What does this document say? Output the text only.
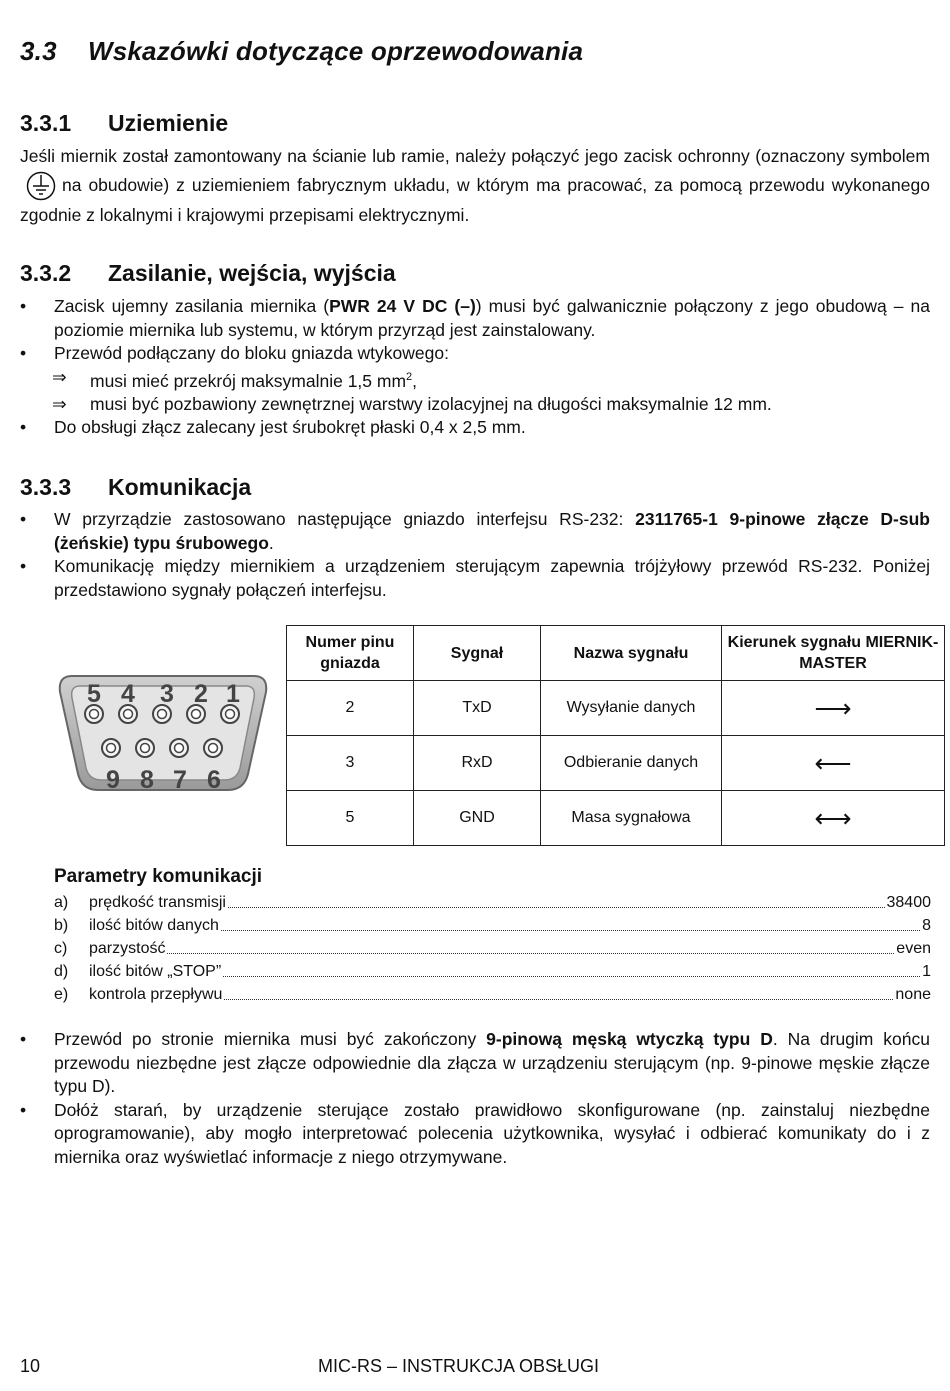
3.3 Wskazówki dotyczące oprzewodowania
3.3.1 Uziemienie
Jeśli miernik został zamontowany na ścianie lub ramie, należy połączyć jego zacisk ochronny (oznaczony symbolemna obudowie) z uziemieniem fabrycznym układu, w którym ma pracować, za pomocą przewodu wykonanego zgodnie z lokalnymi i krajowymi przepisami elektrycznymi.
3.3.2 Zasilanie, wejścia, wyjścia
• Zacisk ujemny zasilania miernika (PWR 24 V DC (–)) musi być galwanicznie połączony z jego obudową – na poziomie miernika lub systemu, w którym przyrząd jest zainstalowany.
• Przewód podłączany do bloku gniazda wtykowego:
⇒ musi mieć przekrój maksymalnie 1,5 $mm^2$,
⇒ musi być pozbawiony zewnętrznej warstwy izolacyjnej na długości maksymalnie 12 mm.
• Do obsługi złącz zalecany jest śrubokręt płaski 0,4 x 2,5 mm.
3.3.3 Komunikacja
• W przyrządzie zastosowano następujące gniazdo interfejsu RS-232: 2311765-1 9-pinowe złącze D-sub (żeńskie) typu śrubowego.
• Komunikację między miernikiem a urządzeniem sterującym zapewnia trójżyłowy przewód RS-232. Poniżej przedstawiono sygnały połączeń interfejsu.
5 4 3 2 1
9 8 7 6
Numer pinu gniazda	Sygnał	Nazwa sygnału	Kierunek sygnału MIERNIK-MASTER
2	TxD	Wysyłanie danych	⟶
3	RxD	Odbieranie danych	⟵
5	GND	Masa sygnałowa	⟷
Parametry komunikacji
a)	prędkość transmisji	38400
b)	ilość bitów danych	8
c)	parzystość	even
d)	ilość bitów „STOP”	1
e)	kontrola przepływu	none
• Przewód po stronie miernika musi być zakończony 9-pinową męską wtyczką typu D. Na drugim końcu przewodu niezbędne jest złącze odpowiednie dla złącza w urządzeniu sterującym (np. 9-pinowe męskie złącze typu D).
• Dołóż starań, by urządzenie sterujące zostało prawidłowo skonfigurowane (np. zainstaluj niezbędne oprogramowanie), aby mogło interpretować polecenia użytkownika, wysyłać i odbierać komunikaty do i z miernika oraz wyświetlać informacje z niego otrzymywane.
10	MIC-RS – INSTRUKCJA OBSŁUGI
